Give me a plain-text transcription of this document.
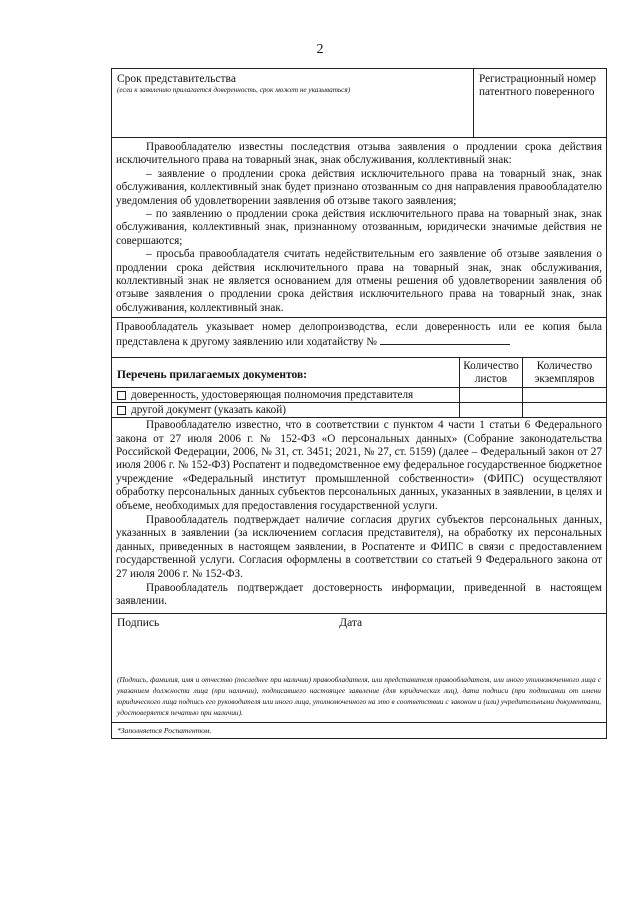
2
Срок представительства
(если к заявлению прилагается доверенность, срок может не указываться)
Регистрационный номер патентного поверенного

Правообладателю известны последствия отзыва заявления о продлении срока действия исключительного права на товарный знак, знак обслуживания, коллективный знак:

– заявление о продлении срока действия исключительного права на товарный знак, знак обслуживания, коллективный знак будет признано отозванным со дня направления правообладателю уведомления об удовлетворении заявления об отзыве такого заявления;

– по заявлению о продлении срока действия исключительного права на товарный знак, знак обслуживания, коллективный знак, признанному отозванным, юридически значимые действия не совершаются;

– просьба правообладателя считать недействительным его заявление об отзыве заявления о продлении срока действия исключительного права на товарный знак, знак обслуживания, коллективный знак не является основанием для отмены решения об удовлетворении заявления об отзыве заявления о продлении срока действия исключительного права на товарный знак, знак обслуживания, коллективный знак.

Правообладатель указывает номер делопроизводства, если доверенность или ее копия была представлена к другому заявлению или ходатайству №

Перечень прилагаемых документов:
Количество листов
Количество экземпляров
доверенность, удостоверяющая полномочия представителя
другой документ (указать какой)

Правообладателю известно, что в соответствии с пунктом 4 части 1 статьи 6 Федерального закона от 27 июля 2006 г. № 152-ФЗ «О персональных данных» (Собрание законодательства Российской Федерации, 2006, № 31, ст. 3451; 2021, № 27, ст. 5159) (далее – Федеральный закон от 27 июля 2006 г. № 152-ФЗ) Роспатент и подведомственное ему федеральное государственное бюджетное учреждение «Федеральный институт промышленной собственности» (ФИПС) осуществляют обработку персональных данных субъектов персональных данных, указанных в заявлении, в целях и объеме, необходимых для предоставления государственной услуги.

Правообладатель подтверждает наличие согласия других субъектов персональных данных, указанных в заявлении (за исключением согласия представителя), на обработку их персональных данных, приведенных в настоящем заявлении, в Роспатенте и ФИПС в связи с предоставлением государственной услуги. Согласия оформлены в соответствии со статьей 9 Федерального закона от 27 июля 2006 г. № 152-ФЗ.

Правообладатель подтверждает достоверность информации, приведенной в настоящем заявлении.

Подпись	Дата
(Подпись, фамилия, имя и отчество (последнее при наличии) правообладателя, или представителя правообладателя, или иного уполномоченного лица с указанием должности лица (при наличии), подписавшего настоящее заявление (для юридических лиц), дата подписи (при подписании от имени юридического лица подпись его руководителя или иного лица, уполномоченного на это в соответствии с законом и (или) учредительными документами, удостоверяется печатью при наличии).
*Заполняется Роспатентом.
